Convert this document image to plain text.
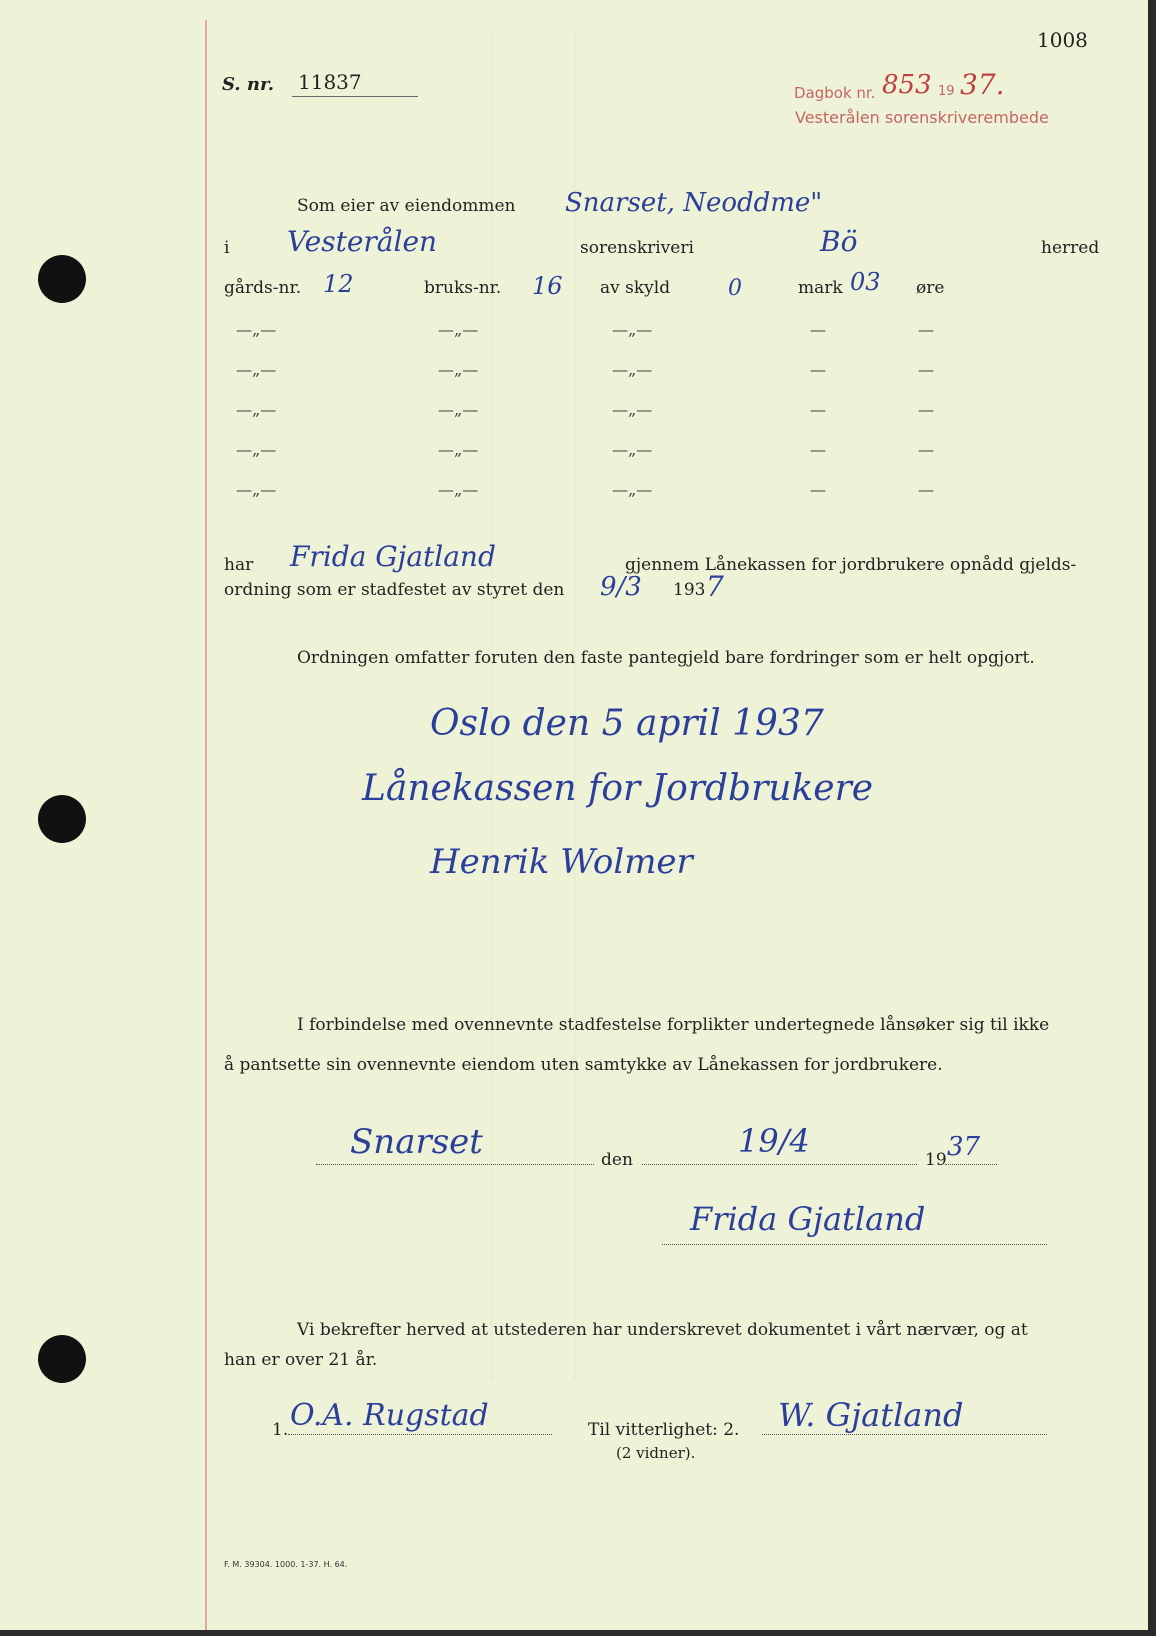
1008
S. nr. 11837	Dagbok nr. 853 19 37.
Vesterålen sorenskriverembede
Som eier av eiendommen Snarset, Neoddme"
i Vesterålen	sorenskriveri	Bö	herred
gårds-nr. 12	bruks-nr. 16 av skyld	0	mark 03 øre
—„—	—„—	—„—	—	—
—„—	—„—	—„—	—	—
—„—	—„—	—„—	—	—
—„—	—„—	—„—	—	—
—„—	—„—	—„—	—	—
har Frida Gjatland	gjennem Lånekassen for jordbrukere opnådd gjelds-
ordning som er stadfestet av styret den 9/3 193 7
Ordningen omfatter foruten den faste pantegjeld bare fordringer som er helt opgjort.
Oslo den 5 april 1937
Lånekassen for Jordbrukere
Henrik Wolmer
I forbindelse med ovennevnte stadfestelse forplikter undertegnede lånsøker sig til ikke
å pantsette sin ovennevnte eiendom uten samtykke av Lånekassen for jordbrukere.
Snarset	den	19/4	19 37
Frida Gjatland
Vi bekrefter herved at utstederen har underskrevet dokumentet i vårt nærvær, og at
han er over 21 år.
1. O.A. Rugstad	Til vitterlighet: 2. W. Gjatland
(2 vidner).
F. M. 39304. 1000. 1-37. H. 64.
